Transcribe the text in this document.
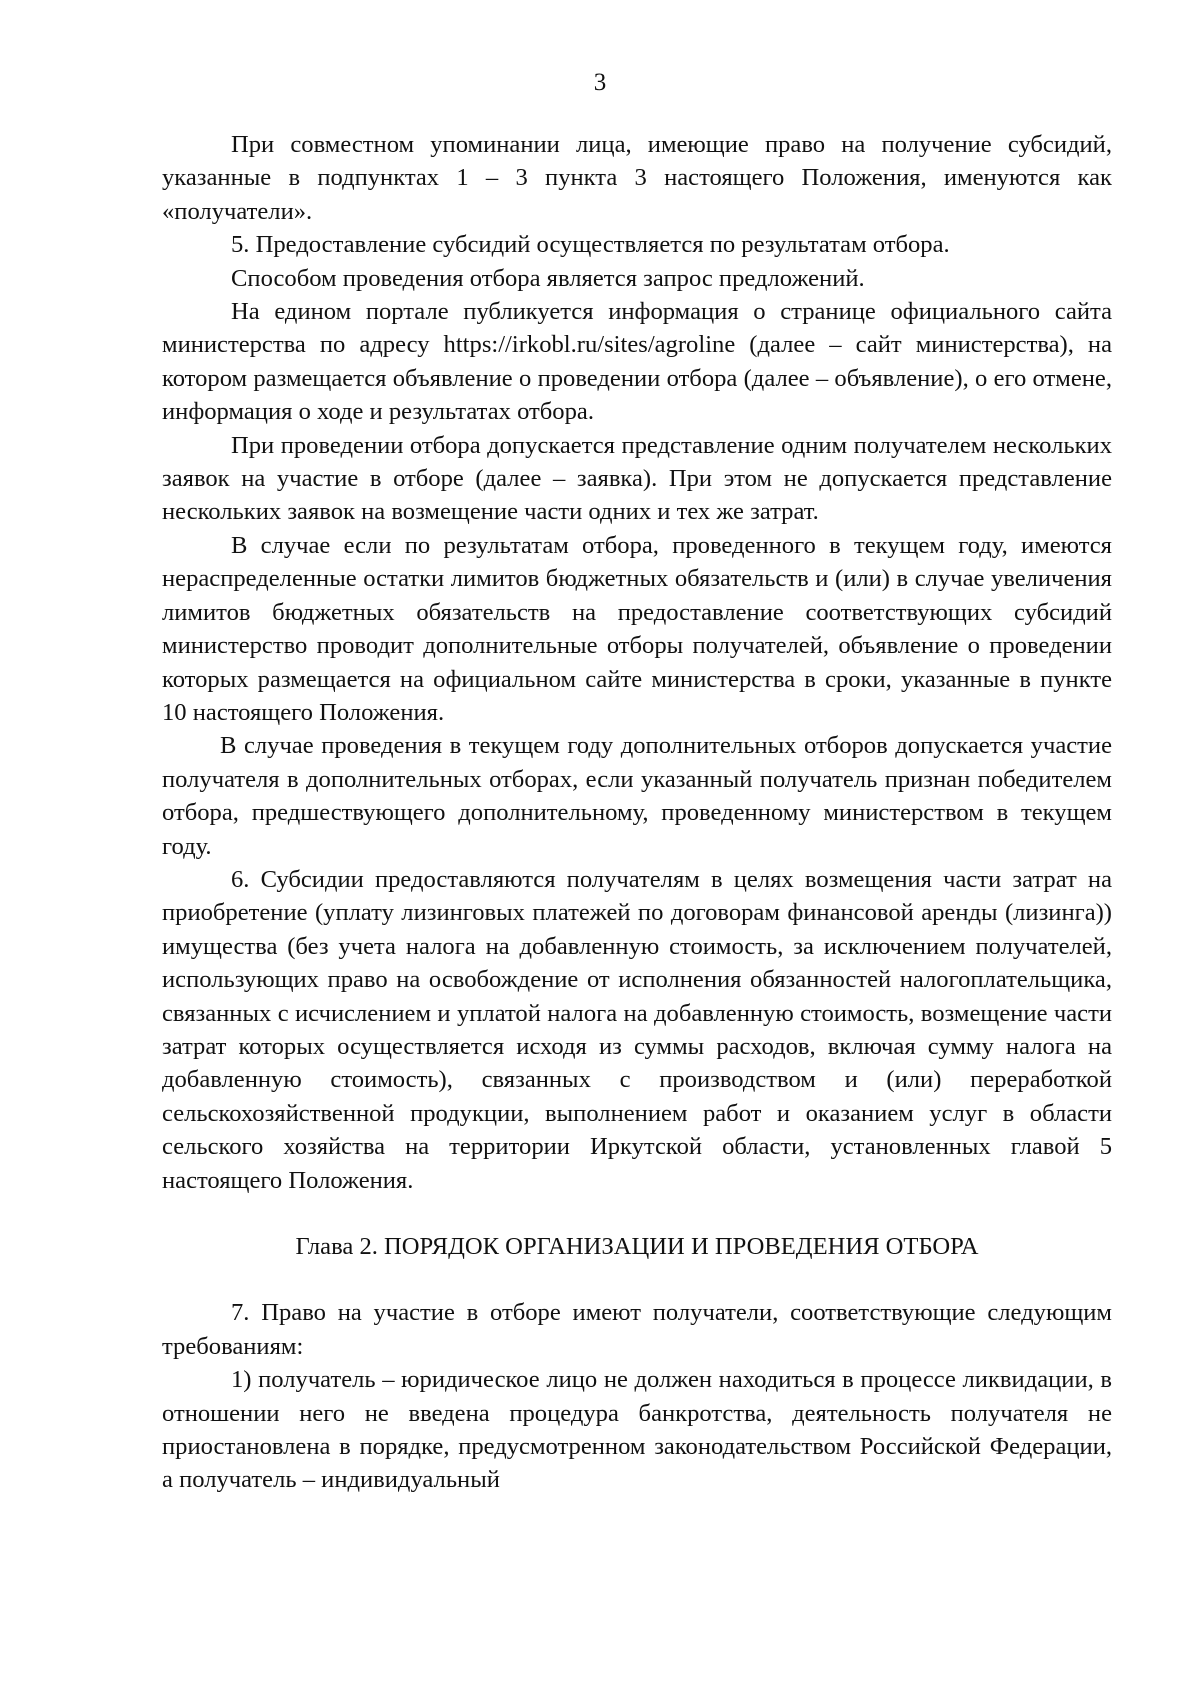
3

При совместном упоминании лица, имеющие право на получение субсидий, указанные в подпунктах 1 – 3 пункта 3 настоящего Положения, именуются как «получатели».

5. Предоставление субсидий осуществляется по результатам отбора.

Способом проведения отбора является запрос предложений.

На едином портале публикуется информация о странице официального сайта министерства по адресу https://irkobl.ru/sites/agroline (далее – сайт министерства), на котором размещается объявление о проведении отбора (далее – объявление), о его отмене, информация о ходе и результатах отбора.

При проведении отбора допускается представление одним получателем нескольких заявок на участие в отборе (далее – заявка). При этом не допускается представление нескольких заявок на возмещение части одних и тех же затрат.

В случае если по результатам отбора, проведенного в текущем году, имеются нераспределенные остатки лимитов бюджетных обязательств и (или) в случае увеличения лимитов бюджетных обязательств на предоставление соответствующих субсидий министерство проводит дополнительные отборы получателей, объявление о проведении которых размещается на официальном сайте министерства в сроки, указанные в пункте 10 настоящего Положения.

В случае проведения в текущем году дополнительных отборов допускается участие получателя в дополнительных отборах, если указанный получатель признан победителем отбора, предшествующего дополнительному, проведенному министерством в текущем году.

6. Субсидии предоставляются получателям в целях возмещения части затрат на приобретение (уплату лизинговых платежей по договорам финансовой аренды (лизинга)) имущества (без учета налога на добавленную стоимость, за исключением получателей, использующих право на освобождение от исполнения обязанностей налогоплательщика, связанных с исчислением и уплатой налога на добавленную стоимость, возмещение части затрат которых осуществляется исходя из суммы расходов, включая сумму налога на добавленную стоимость), связанных с производством и (или) переработкой сельскохозяйственной продукции, выполнением работ и оказанием услуг в области сельского хозяйства на территории Иркутской области, установленных главой 5 настоящего Положения.

Глава 2. ПОРЯДОК ОРГАНИЗАЦИИ И ПРОВЕДЕНИЯ ОТБОРА

7. Право на участие в отборе имеют получатели, соответствующие следующим требованиям:

1) получатель – юридическое лицо не должен находиться в процессе ликвидации, в отношении него не введена процедура банкротства, деятельность получателя не приостановлена в порядке, предусмотренном законодательством Российской Федерации, а получатель – индивидуальный
